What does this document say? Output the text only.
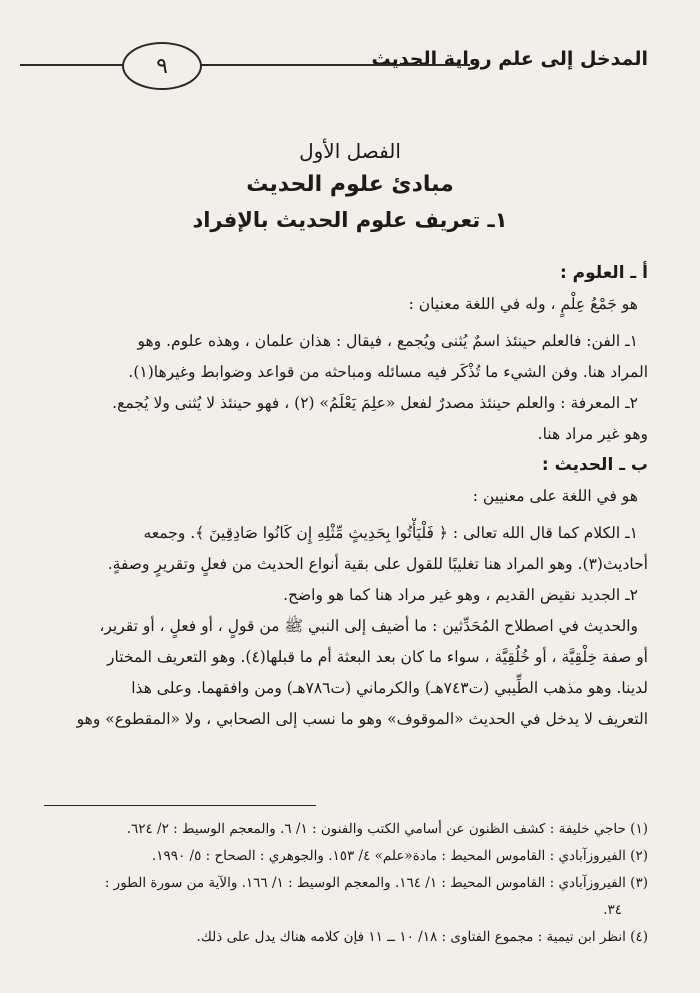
المدخل إلى علم رواية الحديث
٩
الفصل الأول
مبادئ علوم الحديث
١ـ تعريف علوم الحديث بالإفراد
أ ـ العلوم :
هو جَمْعُ عِلْمٍ ، وله في اللغة معنيان :
١ـ الفن: فالعلم حينئذ اسمٌ يُثنى ويُجمع ، فيقال : هذان علمان ، وهذه علوم. وهو
المراد هنا. وفن الشيء ما تُذْكَر فيه مسائله ومباحثه من قواعد وضوابط وغيرها(١).
٢ـ المعرفة : والعلم حينئذ مصدرٌ لفعل «علِمَ يَعْلَمُ» (٢) ، فهو حينئذ لا يُثنى ولا يُجمع.
وهو غير مراد هنا.
ب ـ الحديث :
هو في اللغة على معنيين :
١ـ الكلام كما قال الله تعالى : ﴿ فَلْيَأْتُوا بِحَدِيثٍ مِّثْلِهِ إِن كَانُوا صَادِقِينَ ﴾. وجمعه
أحاديث(٣). وهو المراد هنا تغليبًا للقول على بقية أنواع الحديث من فعلٍ وتقريرٍ وصفةٍ.
٢ـ الجديد نقيض القديم ، وهو غير مراد هنا كما هو واضح.
والحديث في اصطلاح المُحَدِّثين : ما أضيف إلى النبي ﷺ من قولٍ ، أو فعلٍ ، أو تقرير،
أو صفة خِلْقِيَّة ، أو خُلُقِيَّة ، سواء ما كان بعد البعثة أم ما قبلها(٤). وهو التعريف المختار
لدينا. وهو مذهب الطِّيبي (ت٧٤٣هـ) والكرماني (ت٧٨٦هـ) ومن وافقهما. وعلى هذا
التعريف لا يدخل في الحديث «الموقوف» وهو ما نسب إلى الصحابي ، ولا «المقطوع» وهو
(١) حاجي خليفة : كشف الظنون عن أسامي الكتب والفنون : ١/ ٦. والمعجم الوسيط : ٢/ ٦٢٤.
(٢) الفيروزآبادي : القاموس المحيط : مادة«علم» ٤/ ١٥٣. والجوهري : الصحاح : ٥/ ١٩٩٠.
(٣) الفيروزآبادي : القاموس المحيط : ١/ ١٦٤. والمعجم الوسيط : ١/ ١٦٦. والآية من سورة الطور :
٣٤.
(٤) انظر ابن تيمية : مجموع الفتاوى : ١٨/ ١٠ ــ ١١ فإن كلامه هناك يدل على ذلك.
